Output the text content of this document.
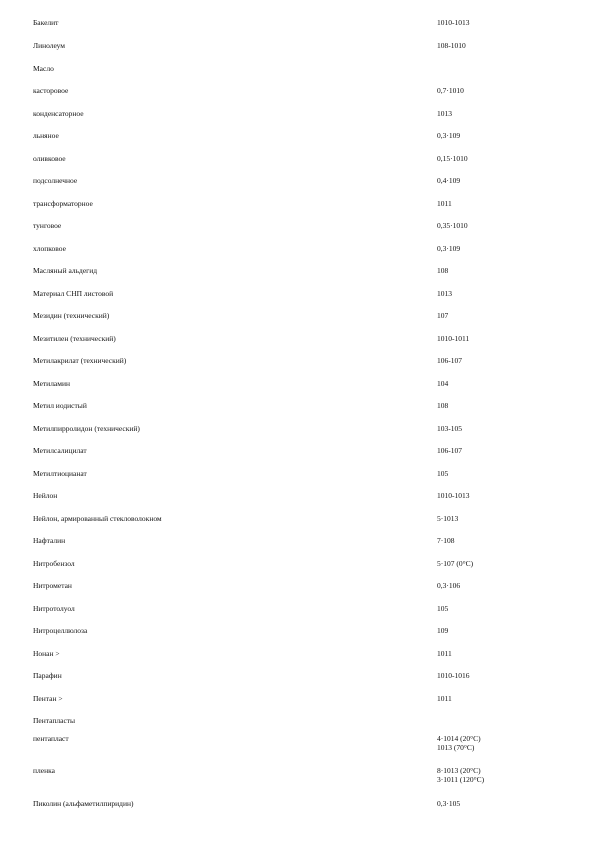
Бакелит	1010-1013
Линолеум	108-1010
Масло
касторовое	0,7·1010
конденсаторное	1013
льняное	0,3·109
оливковое	0,15·1010
подсолнечное	0,4·109
трансформаторное	1011
тунговое	0,35·1010
хлопковое	0,3·109
Масляный альдегид	108
Материал СНП листовой	1013
Мезидин (технический)	107
Мезитилен (технический)	1010-1011
Метилакрилат (технический)	106-107
Метиламин	104
Метил иодистый	108
Метилпирролидон (технический)	103-105
Метилсалицилат	106-107
Метилтиоцианат	105
Нейлон	1010-1013
Нейлон, армированный стекловолокном	5·1013
Нафталин	7·108
Нитробензол	5·107 (0°C)
Нитрометан	0,3·106
Нитротолуол	105
Нитроцеллюлоза	109
Нонан >	1011
Парафин	1010-1016
Пентан >	1011
Пентапласты
пентапласт	4·1014 (20°C)
1013 (70°C)
пленка	8·1013 (20°C)
3·1011 (120°C)
Пиколин (альфаметилпиридин)	0,3·105
